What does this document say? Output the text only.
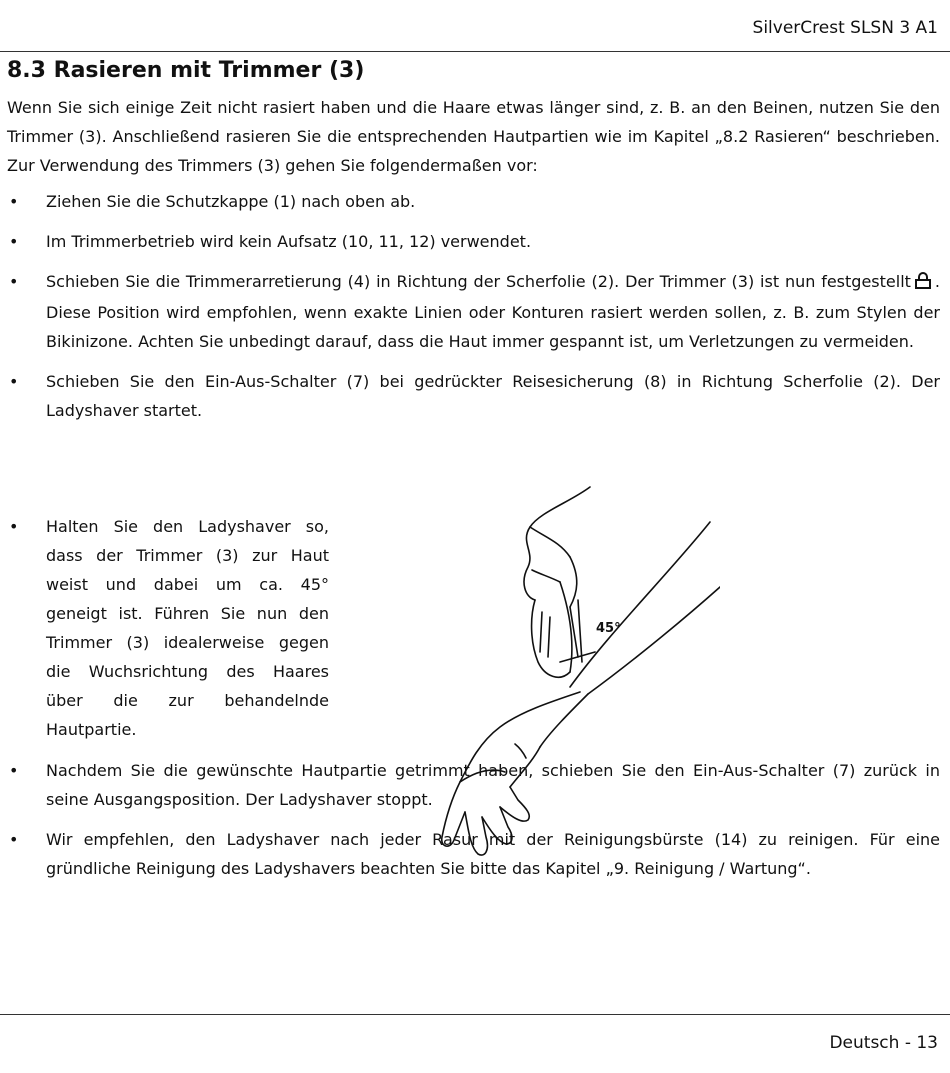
SilverCrest SLSN 3 A1
8.3 Rasieren mit Trimmer (3)

Wenn Sie sich einige Zeit nicht rasiert haben und die Haare etwas länger sind, z. B. an den Beinen, nutzen Sie den Trimmer (3). Anschließend rasieren Sie die entsprechenden Hautpartien wie im Kapitel „8.2 Rasieren“ beschrieben. Zur Verwendung des Trimmers (3) gehen Sie folgendermaßen vor:

• Ziehen Sie die Schutzkappe (1) nach oben ab.
• Im Trimmerbetrieb wird kein Aufsatz (10, 11, 12) verwendet.
• Schieben Sie die Trimmerarretierung (4) in Richtung der Scherfolie (2). Der Trimmer (3) ist nun festgestellt . Diese Position wird empfohlen, wenn exakte Linien oder Konturen rasiert werden sollen, z. B. zum Stylen der Bikinizone. Achten Sie unbedingt darauf, dass die Haut immer gespannt ist, um Verletzungen zu vermeiden.
• Schieben Sie den Ein-Aus-Schalter (7) bei gedrückter Reisesicherung (8) in Richtung Scherfolie (2). Der Ladyshaver startet.
• Halten Sie den Ladyshaver so, dass der Trimmer (3) zur Haut weist und dabei um ca. 45° geneigt ist. Führen Sie nun den Trimmer (3) idealerweise gegen die Wuchsrichtung des Haares über die zur behandelnde Hautpartie.
45°
• Nachdem Sie die gewünschte Hautpartie getrimmt haben, schieben Sie den Ein-Aus-Schalter (7) zurück in seine Ausgangsposition. Der Ladyshaver stoppt.
• Wir empfehlen, den Ladyshaver nach jeder Rasur mit der Reinigungsbürste (14) zu reinigen. Für eine gründliche Reinigung des Ladyshavers beachten Sie bitte das Kapitel „9. Reinigung / Wartung“.
Deutsch - 13
